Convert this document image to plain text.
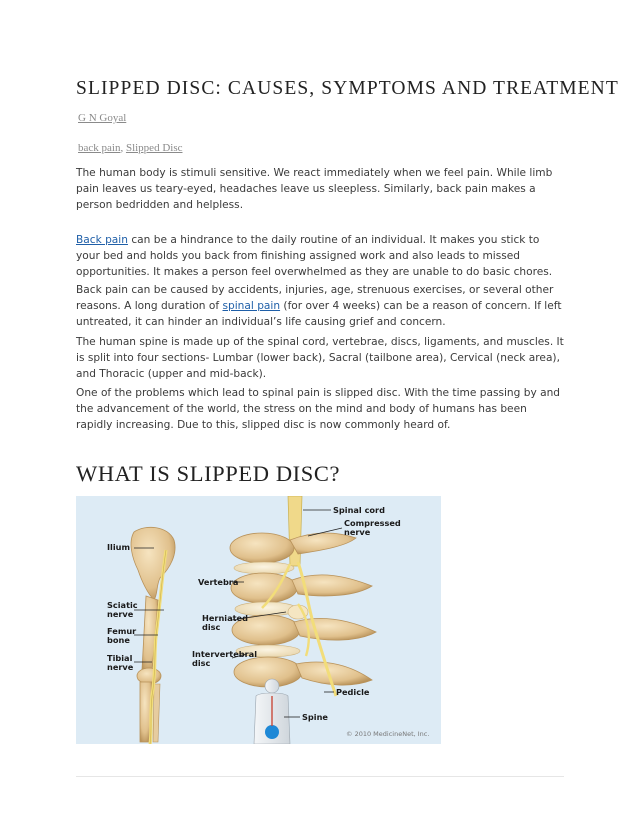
SLIPPED DISC: CAUSES, SYMPTOMS AND TREATMENT
G N Goyal
back pain, Slipped Disc

The human body is stimuli sensitive. We react immediately when we feel pain. While limb pain leaves us teary-eyed, headaches leave us sleepless. Similarly, back pain makes a person bedridden and helpless.

Back pain can be a hindrance to the daily routine of an individual. It makes you stick to your bed and holds you back from finishing assigned work and also leads to missed opportunities. It makes a person feel overwhelmed as they are unable to do basic chores.

Back pain can be caused by accidents, injuries, age, strenuous exercises, or several other reasons. A long duration of spinal pain (for over 4 weeks) can be a reason of concern. If left untreated, it can hinder an individual’s life causing grief and concern.

The human spine is made up of the spinal cord, vertebrae, discs, ligaments, and muscles. It is split into four sections- Lumbar (lower back), Sacral (tailbone area), Cervical (neck area), and Thoracic (upper and mid-back).

One of the problems which lead to spinal pain is slipped disc. With the time passing by and the advancement of the world, the stress on the mind and body of humans has been rapidly increasing. Due to this, slipped disc is now commonly heard of.

WHAT IS SLIPPED DISC?
Spinal cord
Compressed
nerve
Ilium
Vertebra
Sciatic
nerve	Herniated
disc
Femur
bone
Intervertebral
disc
Tibial
nerve
Pedicle
Spine
© 2010 MedicineNet, Inc.
